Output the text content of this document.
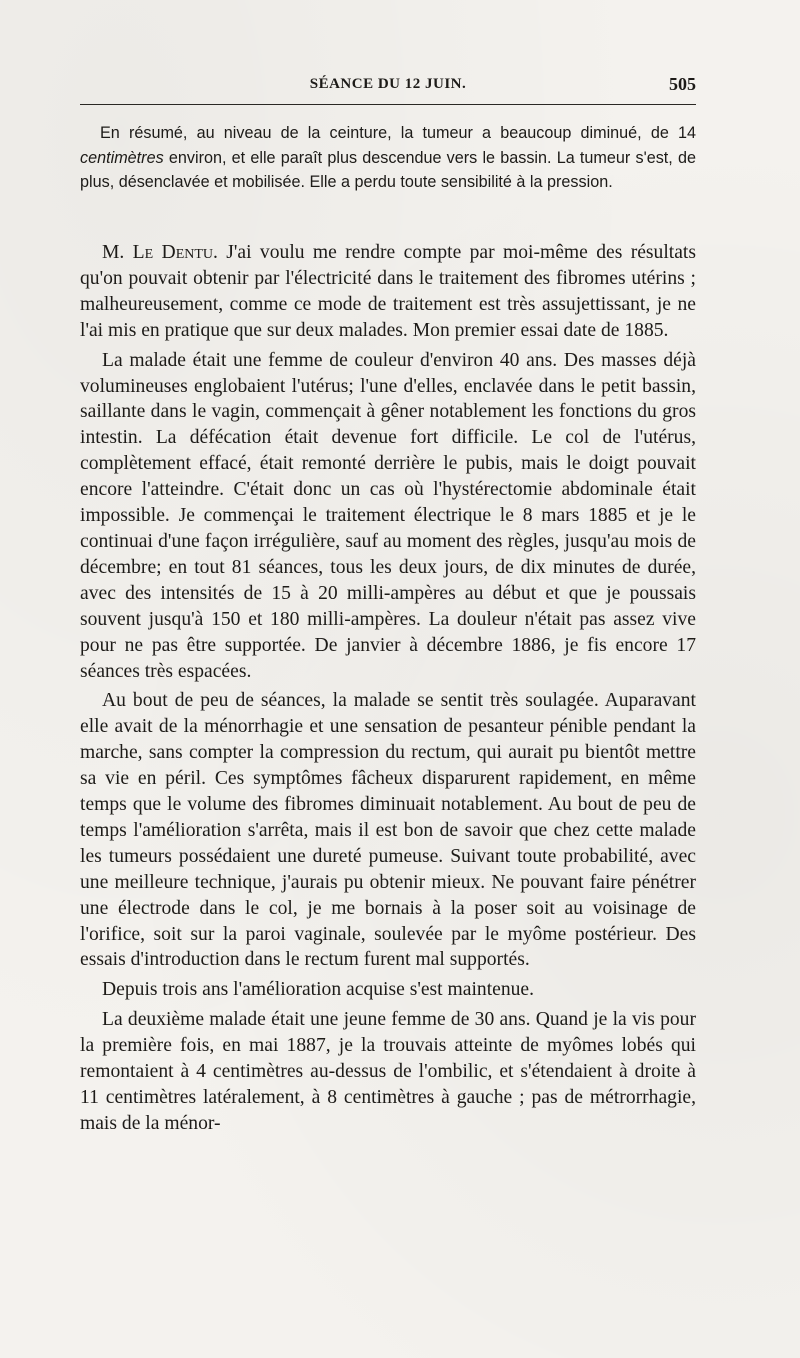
SÉANCE DU 12 JUIN.	505

En résumé, au niveau de la ceinture, la tumeur a beaucoup diminué, de 14 centimètres environ, et elle paraît plus descendue vers le bassin. La tumeur s'est, de plus, désenclavée et mobilisée. Elle a perdu toute sensibilité à la pression.

M. Le Dentu. J'ai voulu me rendre compte par moi-même des résultats qu'on pouvait obtenir par l'électricité dans le traitement des fibromes utérins ; malheureusement, comme ce mode de traitement est très assujettissant, je ne l'ai mis en pratique que sur deux malades. Mon premier essai date de 1885.

La malade était une femme de couleur d'environ 40 ans. Des masses déjà volumineuses englobaient l'utérus; l'une d'elles, enclavée dans le petit bassin, saillante dans le vagin, commençait à gêner notablement les fonctions du gros intestin. La défécation était devenue fort difficile. Le col de l'utérus, complètement effacé, était remonté derrière le pubis, mais le doigt pouvait encore l'atteindre. C'était donc un cas où l'hystérectomie abdominale était impossible. Je commençai le traitement électrique le 8 mars 1885 et je le continuai d'une façon irrégulière, sauf au moment des règles, jusqu'au mois de décembre; en tout 81 séances, tous les deux jours, de dix minutes de durée, avec des intensités de 15 à 20 milli-ampères au début et que je poussais souvent jusqu'à 150 et 180 milli-ampères. La douleur n'était pas assez vive pour ne pas être supportée. De janvier à décembre 1886, je fis encore 17 séances très espacées.

Au bout de peu de séances, la malade se sentit très soulagée. Auparavant elle avait de la ménorrhagie et une sensation de pesanteur pénible pendant la marche, sans compter la compression du rectum, qui aurait pu bientôt mettre sa vie en péril. Ces symptômes fâcheux disparurent rapidement, en même temps que le volume des fibromes diminuait notablement. Au bout de peu de temps l'amélioration s'arrêta, mais il est bon de savoir que chez cette malade les tumeurs possédaient une dureté pumeuse. Suivant toute probabilité, avec une meilleure technique, j'aurais pu obtenir mieux. Ne pouvant faire pénétrer une électrode dans le col, je me bornais à la poser soit au voisinage de l'orifice, soit sur la paroi vaginale, soulevée par le myôme postérieur. Des essais d'introduction dans le rectum furent mal supportés.

Depuis trois ans l'amélioration acquise s'est maintenue.

La deuxième malade était une jeune femme de 30 ans. Quand je la vis pour la première fois, en mai 1887, je la trouvais atteinte de myômes lobés qui remontaient à 4 centimètres au-dessus de l'ombilic, et s'étendaient à droite à 11 centimètres latéralement, à 8 centimètres à gauche ; pas de métrorrhagie, mais de la ménor-
